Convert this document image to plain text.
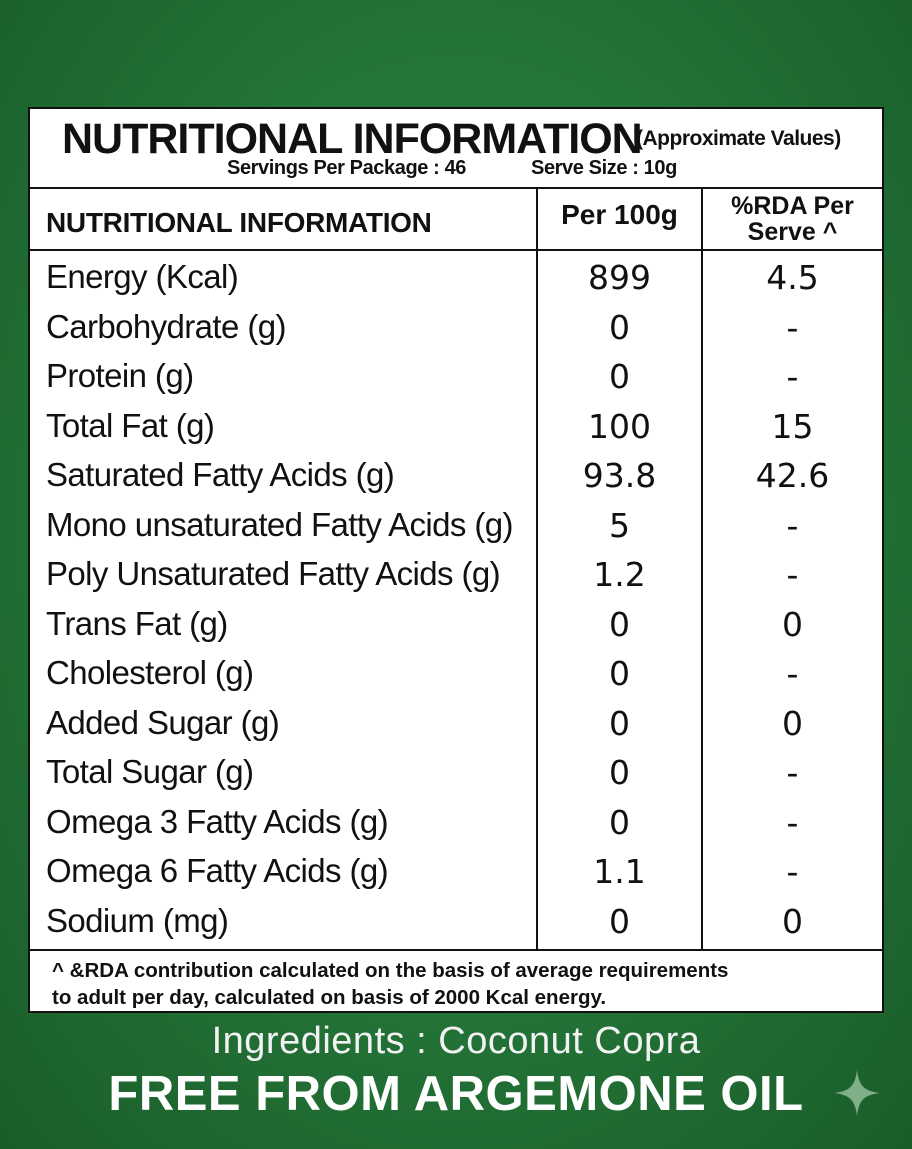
NUTRITIONAL INFORMATION
(Approximate Values)
Servings Per Package : 46	Serve Size : 10g
NUTRITIONAL INFORMATION	Per 100g	%RDA Per
Serve ^
Energy (Kcal)	899	4.5
Carbohydrate (g)	0	-
Protein (g)	0	-
Total Fat (g)	100	15
Saturated Fatty Acids (g)	93.8	42.6
Mono unsaturated Fatty Acids (g)	5	-
Poly Unsaturated Fatty Acids (g)	1.2	-
Trans Fat (g)	0	0
Cholesterol (g)	0	-
Added Sugar (g)	0	0
Total Sugar (g)	0	-
Omega 3 Fatty Acids (g)	0	-
Omega 6 Fatty Acids (g)	1.1	-
Sodium (mg)	0	0
^ &RDA contribution calculated on the basis of average requirements
to adult per day, calculated on basis of 2000 Kcal energy.
Ingredients : Coconut Copra
FREE FROM ARGEMONE OIL
